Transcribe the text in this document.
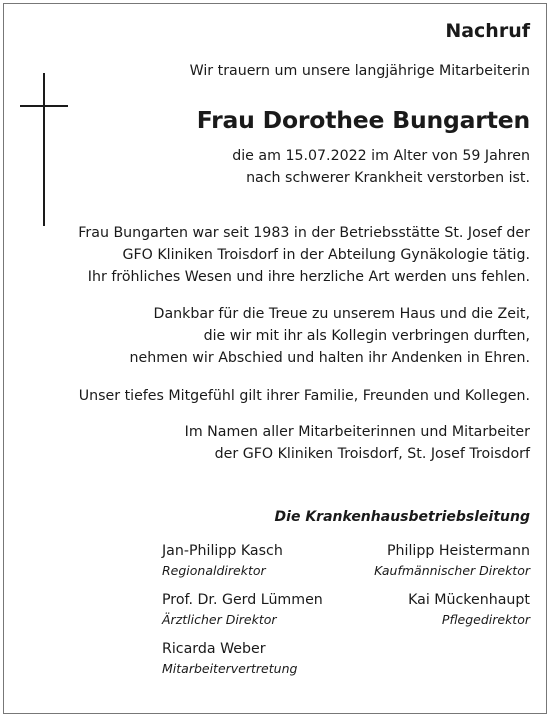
Nachruf
Wir trauern um unsere langjährige Mitarbeiterin
Frau Dorothee Bungarten
die am 15.07.2022 im Alter von 59 Jahren
nach schwerer Krankheit verstorben ist.
Frau Bungarten war seit 1983 in der Betriebsstätte St. Josef der
GFO Kliniken Troisdorf in der Abteilung Gynäkologie tätig.
Ihr fröhliches Wesen und ihre herzliche Art werden uns fehlen.
Dankbar für die Treue zu unserem Haus und die Zeit,
die wir mit ihr als Kollegin verbringen durften,
nehmen wir Abschied und halten ihr Andenken in Ehren.
Unser tiefes Mitgefühl gilt ihrer Familie, Freunden und Kollegen.
Im Namen aller Mitarbeiterinnen und Mitarbeiter
der GFO Kliniken Troisdorf, St. Josef Troisdorf
Die Krankenhausbetriebsleitung
Jan-Philipp Kasch
Regionaldirektor
Prof. Dr. Gerd Lümmen
Ärztlicher Direktor
Ricarda Weber
Mitarbeitervertretung
Philipp Heistermann
Kaufmännischer Direktor
Kai Mückenhaupt
Pflegedirektor
